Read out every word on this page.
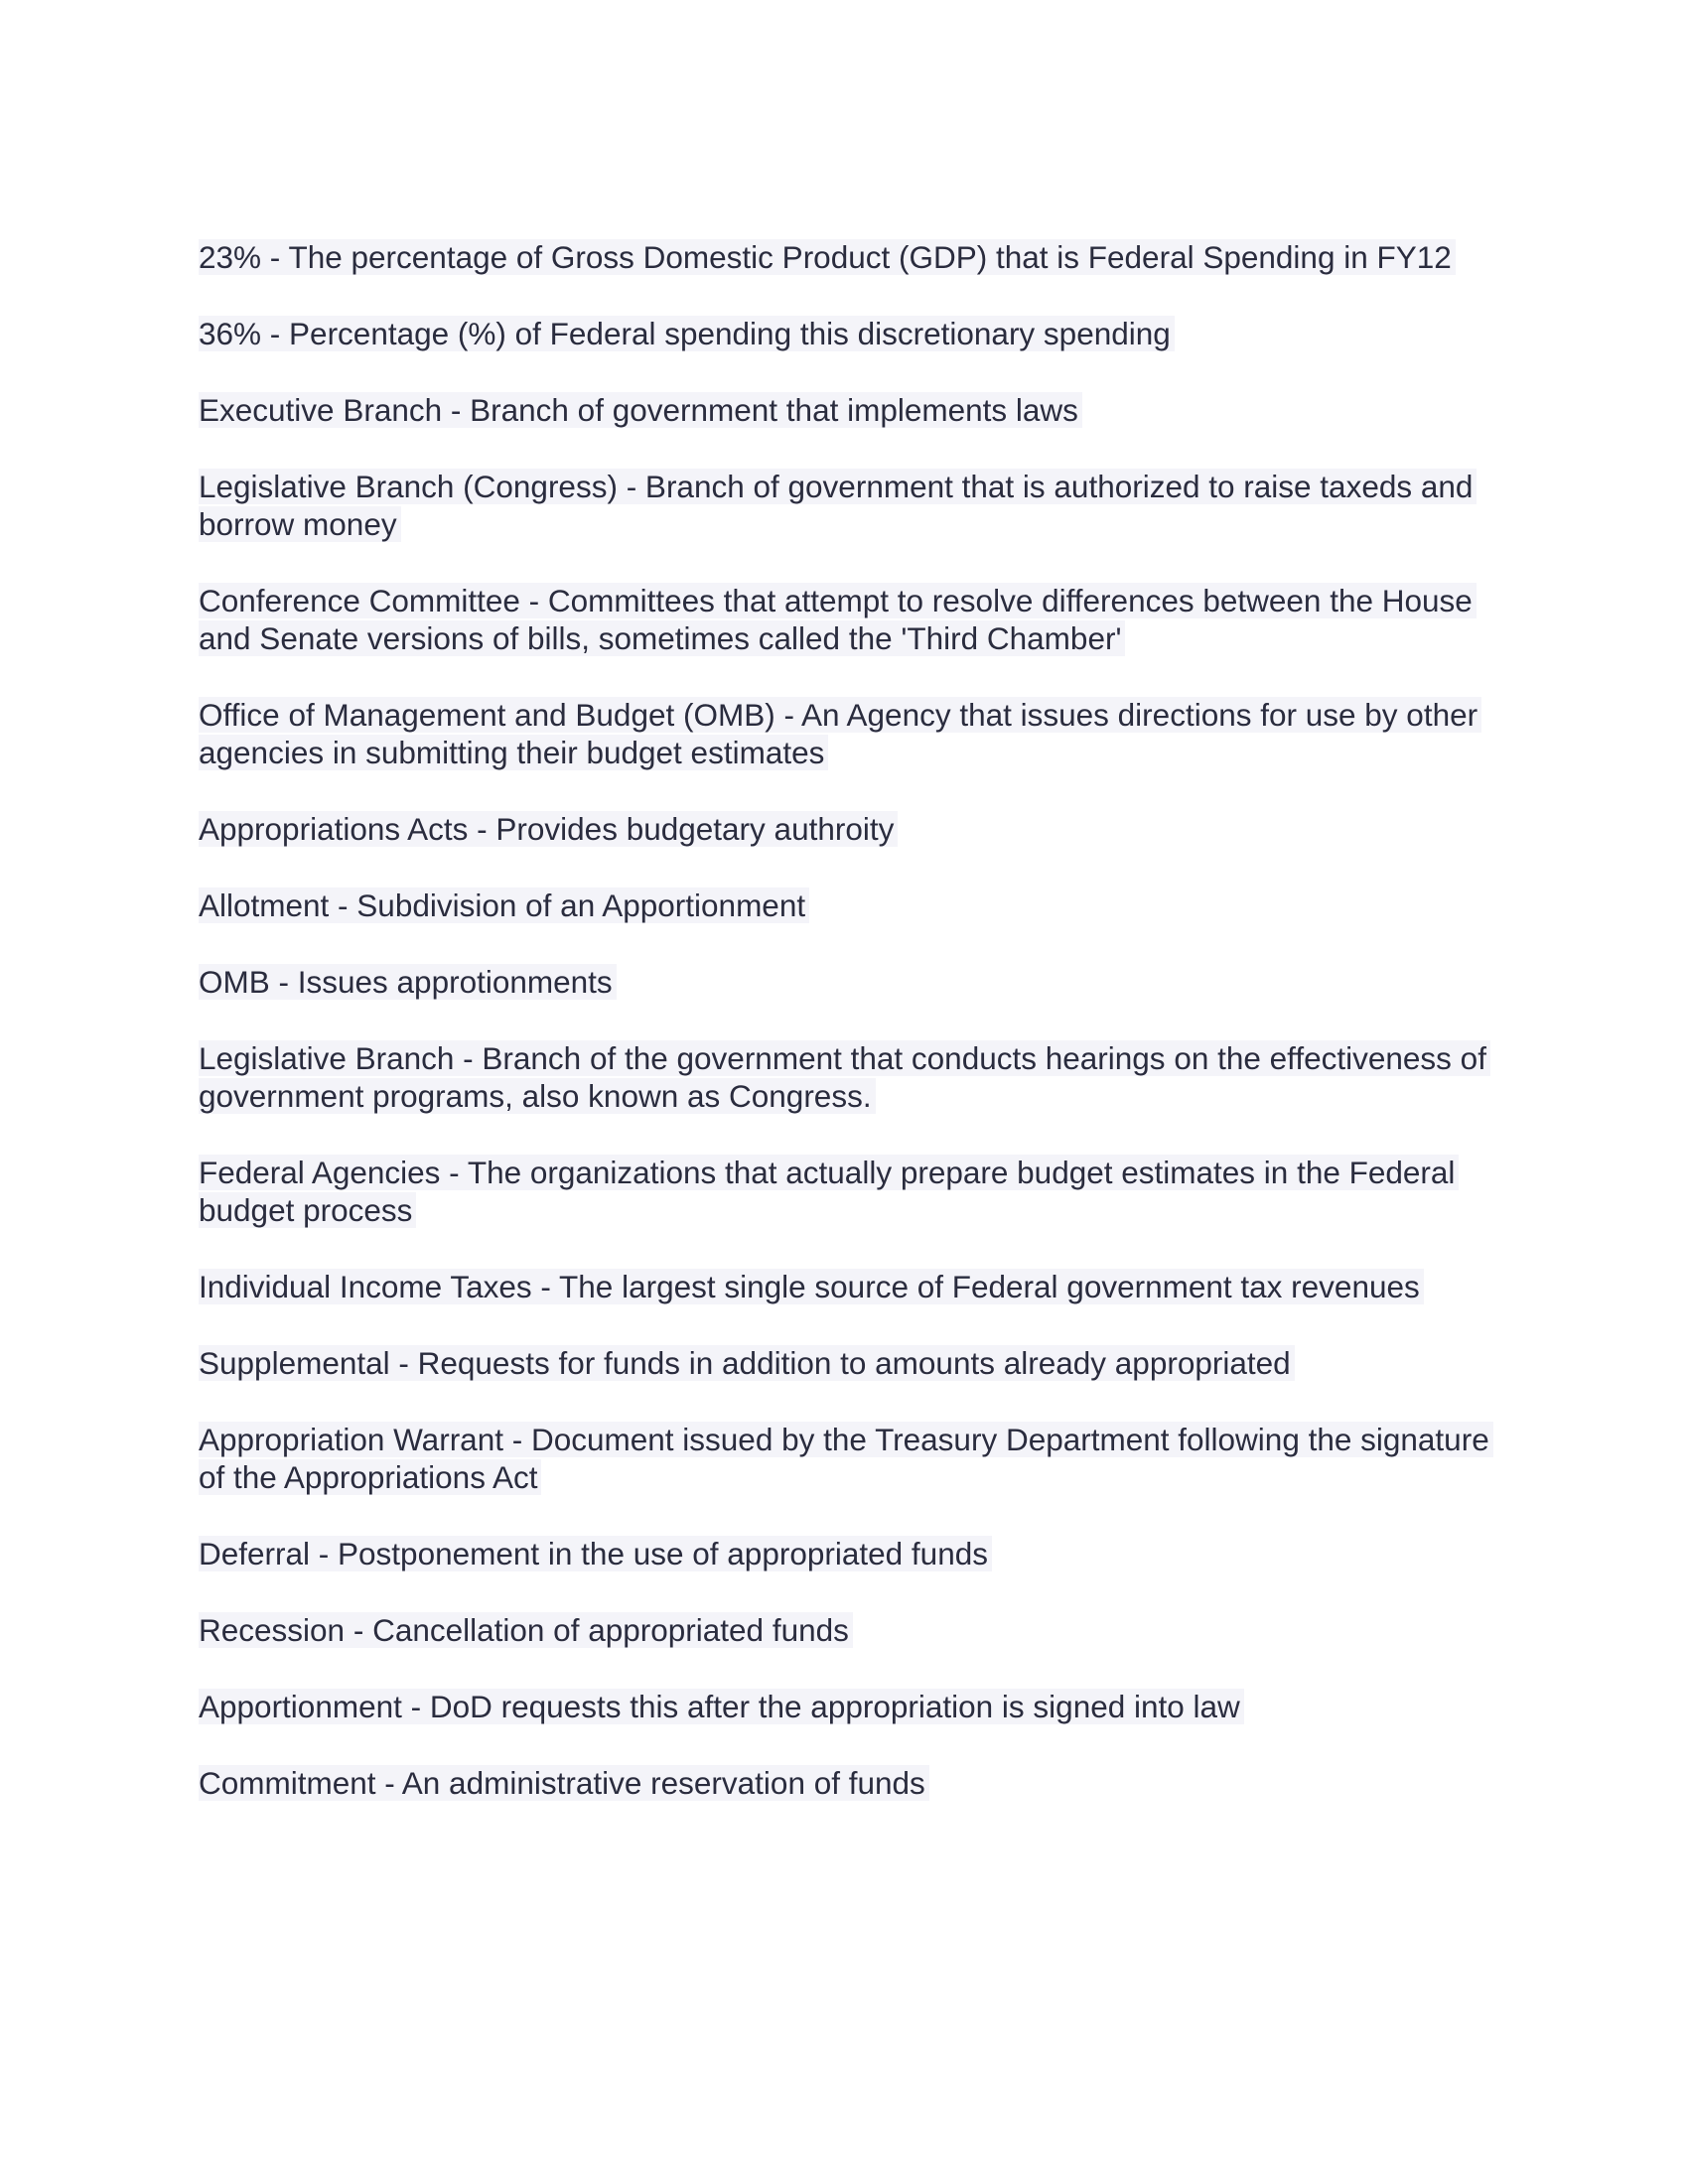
23% - The percentage of Gross Domestic Product (GDP) that is Federal Spending in FY12
36% - Percentage (%) of Federal spending this discretionary spending
Executive Branch - Branch of government that implements laws
Legislative Branch (Congress) - Branch of government that is authorized to raise taxeds and borrow money
Conference Committee - Committees that attempt to resolve differences between the House and Senate versions of bills, sometimes called the 'Third Chamber'
Office of Management and Budget (OMB) - An Agency that issues directions for use by other agencies in submitting their budget estimates
Appropriations Acts - Provides budgetary authroity
Allotment - Subdivision of an Apportionment
OMB - Issues approtionments
Legislative Branch - Branch of the government that conducts hearings on the effectiveness of government programs, also known as Congress.
Federal Agencies - The organizations that actually prepare budget estimates in the Federal budget process
Individual Income Taxes - The largest single source of Federal government tax revenues
Supplemental - Requests for funds in addition to amounts already appropriated
Appropriation Warrant - Document issued by the Treasury Department following the signature of the Appropriations Act
Deferral - Postponement in the use of appropriated funds
Recession - Cancellation of appropriated funds
Apportionment - DoD requests this after the appropriation is signed into law
Commitment - An administrative reservation of funds
